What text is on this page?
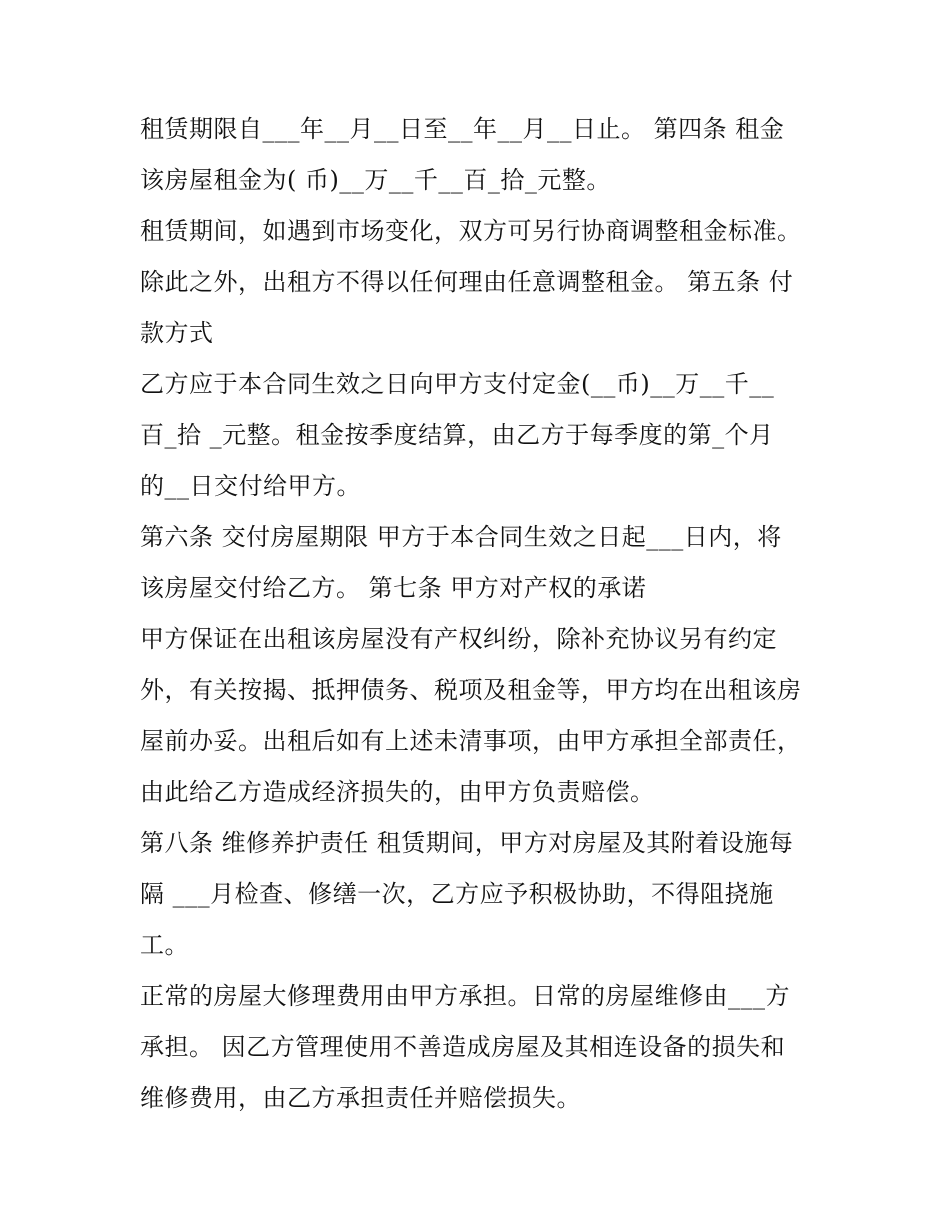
租赁期限自___年__月__日至__年__月__日止。 第四条 租金
该房屋租金为( 币)__万__千__百_拾_元整。
租赁期间，如遇到市场变化，双方可另行协商调整租金标准。
除此之外，出租方不得以任何理由任意调整租金。 第五条 付
款方式
乙方应于本合同生效之日向甲方支付定金(__币)__万__千__
百_拾 _元整。租金按季度结算，由乙方于每季度的第_个月
的__日交付给甲方。
第六条 交付房屋期限 甲方于本合同生效之日起___日内，将
该房屋交付给乙方。 第七条 甲方对产权的承诺
甲方保证在出租该房屋没有产权纠纷，除补充协议另有约定
外，有关按揭、抵押债务、税项及租金等，甲方均在出租该房
屋前办妥。出租后如有上述未清事项，由甲方承担全部责任，
由此给乙方造成经济损失的，由甲方负责赔偿。
第八条 维修养护责任 租赁期间，甲方对房屋及其附着设施每
隔 ___月检查、修缮一次，乙方应予积极协助，不得阻挠施
工。
正常的房屋大修理费用由甲方承担。日常的房屋维修由___方
承担。 因乙方管理使用不善造成房屋及其相连设备的损失和
维修费用，由乙方承担责任并赔偿损失。
